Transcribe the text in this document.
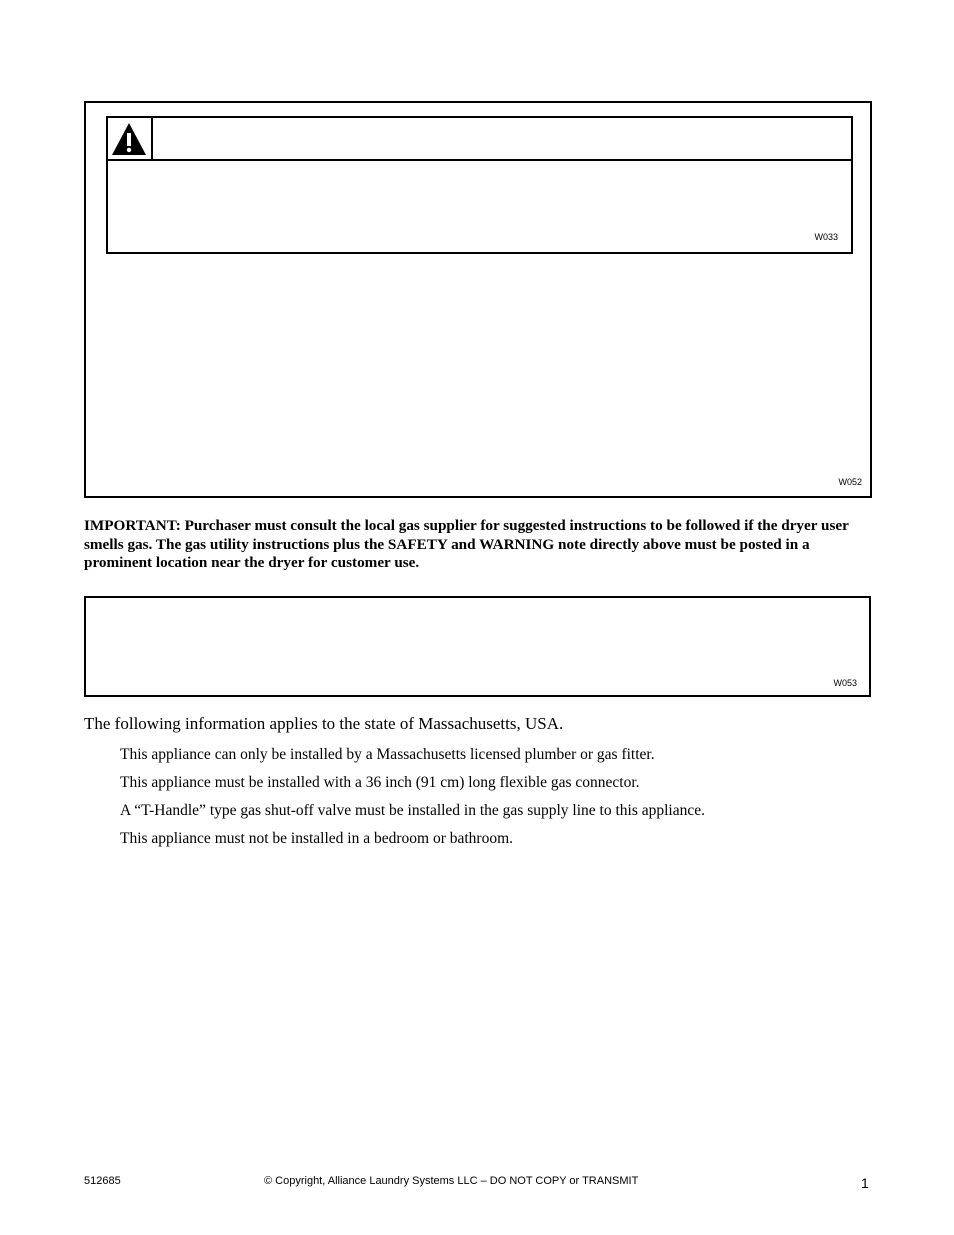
W033
W052
IMPORTANT: Purchaser must consult the local gas supplier for suggested instructions to be followed if the dryer user smells gas. The gas utility instructions plus the SAFETY and WARNING note directly above must be posted in a prominent location near the dryer for customer use.
W053
The following information applies to the state of Massachusetts, USA.
This appliance can only be installed by a Massachusetts licensed plumber or gas fitter.
This appliance must be installed with a 36 inch (91 cm) long flexible gas connector.
A “T-Handle” type gas shut-off valve must be installed in the gas supply line to this appliance.
This appliance must not be installed in a bedroom or bathroom.
512685	© Copyright, Alliance Laundry Systems LLC – DO NOT COPY or TRANSMIT	1
